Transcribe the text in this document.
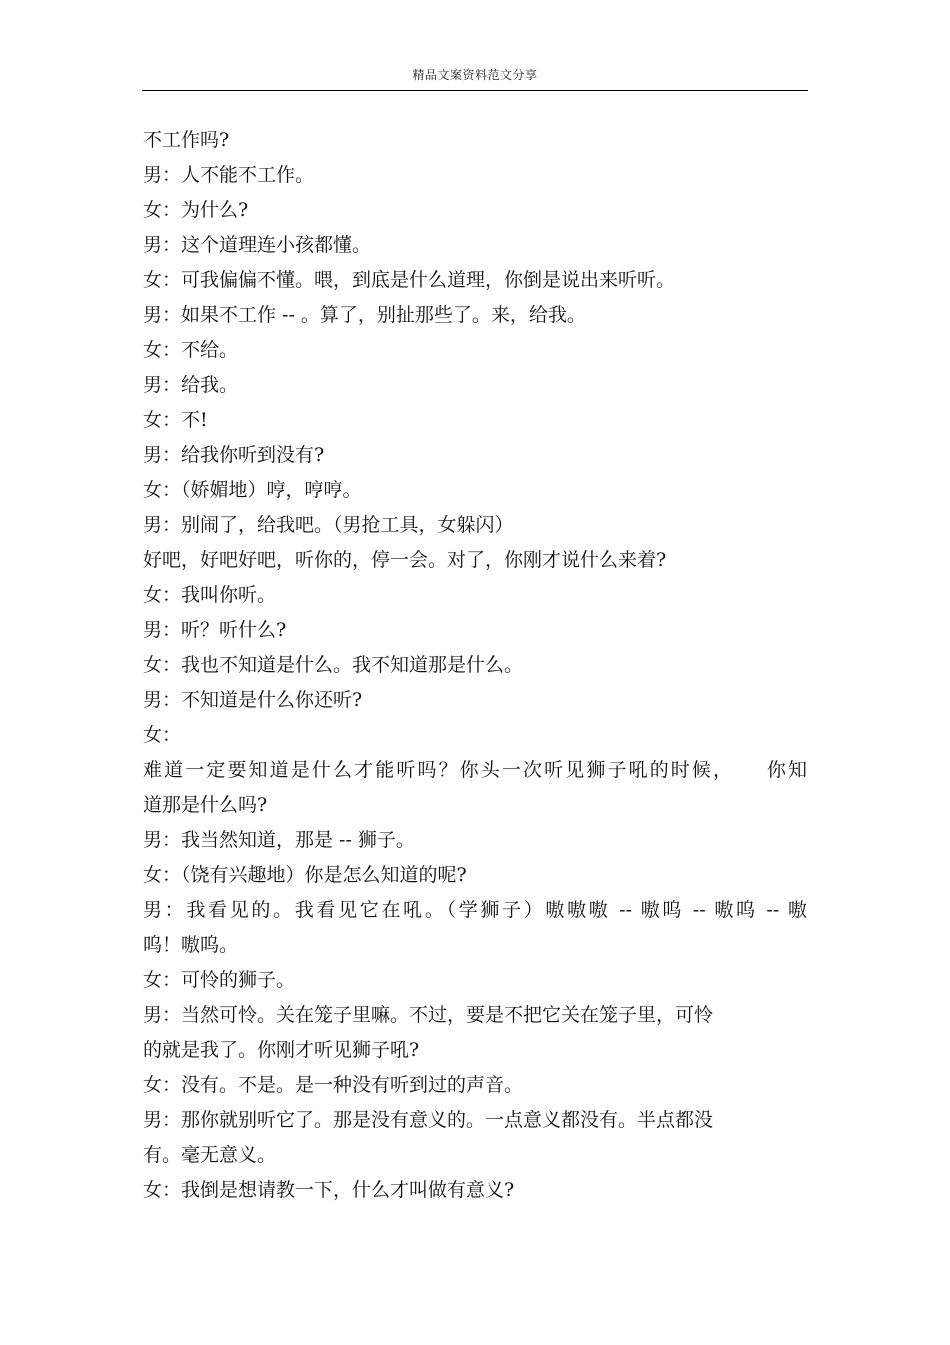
精品文案资料范文分享
不工作吗?
男：人不能不工作。
女：为什么?
男：这个道理连小孩都懂。
女：可我偏偏不懂。喂，到底是什么道理，你倒是说出来听听。
男：如果不工作 -- 。算了，别扯那些了。来，给我。
女：不给。
男：给我。
女：不!
男：给我你听到没有?
女：（娇媚地）哼，哼哼。
男：别闹了，给我吧。（男抢工具，女躲闪）
好吧，好吧好吧，听你的，停一会。对了，你刚才说什么来着?
女：我叫你听。
男：听？听什么?
女：我也不知道是什么。我不知道那是什么。
男：不知道是什么你还听?
女：
难道一定要知道是什么才能听吗？你头一次听见狮子吼的时候，　　你知
道那是什么吗?
男：我当然知道，那是 -- 狮子。
女：（饶有兴趣地）你是怎么知道的呢?
男：我看见的。我看见它在吼。（学狮子）嗷嗷嗷 -- 嗷呜 -- 嗷呜 -- 嗷
呜！嗷呜。
女：可怜的狮子。
男：当然可怜。关在笼子里嘛。不过，要是不把它关在笼子里，可怜
的就是我了。你刚才听见狮子吼?
女：没有。不是。是一种没有听到过的声音。
男：那你就别听它了。那是没有意义的。一点意义都没有。半点都没
有。毫无意义。
女：我倒是想请教一下，什么才叫做有意义?
